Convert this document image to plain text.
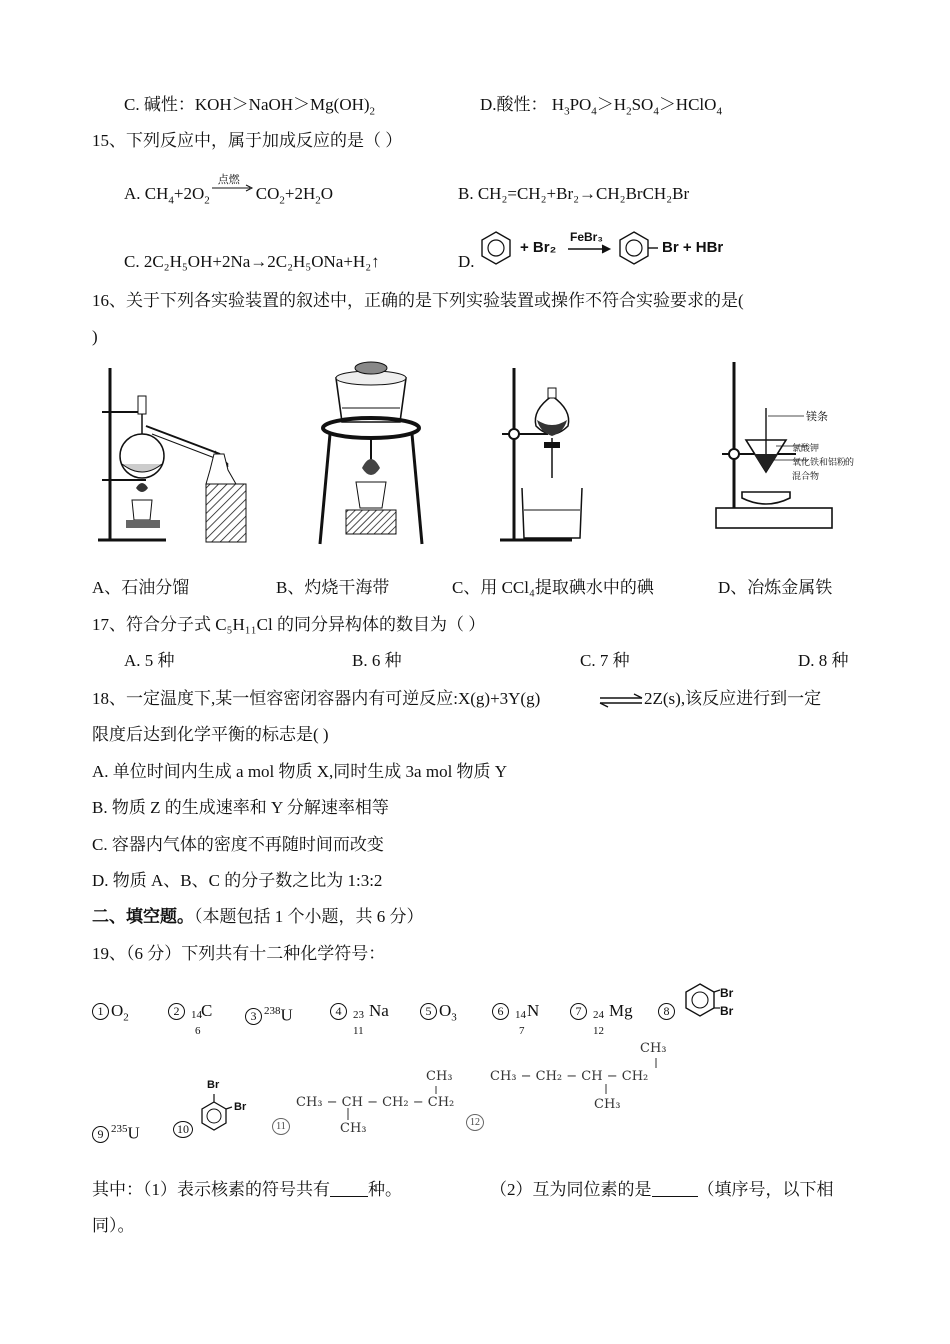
C. 碱性：$KOH>NaOH>Mg(OH)_2$	D.酸性： $H_3PO_4>H_2SO_4>HClO_4$
15、下列反应中，属于加成反应的是（ ）
A. $CH_4+2O_2$
点燃
$CO_2+2H_2O$	B. CH₂=CH₂+Br₂→CH₂BrCH₂Br
C. 2C₂H₅OH+2Na→2C₂H₅ONa+H₂↑	D.
+ Br₂
FeBr₃
Br + HBr
16、关于下列各实验装置的叙述中，正确的是下列实验装置或操作不符合实验要求的是(
)
镁条
氯酸钾
氧化铁和铝粉
的
混合物
A、石油分馏	B、灼烧干海带	C、用 CCl₄提取碘水中的碘	D、冶炼金属铁
17、符合分子式 C₅H₁₁Cl 的同分异构体的数目为（ ）
A. 5 种	B. 6 种	C. 7 种	D. 8 种
18、一定温度下,某一恒容密闭容器内有可逆反应:X(g)+3Y(g)	⇌ 2Z(s),该反应进行到一定
限度后达到化学平衡的标志是( )
A. 单位时间内生成 a mol 物质 X,同时生成 3a mol 物质 Y
B. 物质 Z 的生成速率和 Y 分解速率相等
C. 容器内气体的密度不再随时间而改变
D. 物质 A、B、C 的分子数之比为 1:3:2
二、填空题。（本题包括 1 个小题，共 6 分）
19、（6 分）下列共有十二种化学符号：
1 $O_2$	2 14
6
C	3 $^{238}$U	4 23
11
Na	5 $O_3$	6 14
7
N	7 24
12
Mg	8
Br
Br
9 $^{235}$U	10
Br
Br
11
CH₃ − CH − CH₂ − CH₂
CH₃
CH₃	12
CH₃ − CH₂ − CH − CH₂
CH₃
CH₃
其中：（1）表示核素的符号共有 种。	（2）互为同位素的是	（填序号，以下相
同）。
